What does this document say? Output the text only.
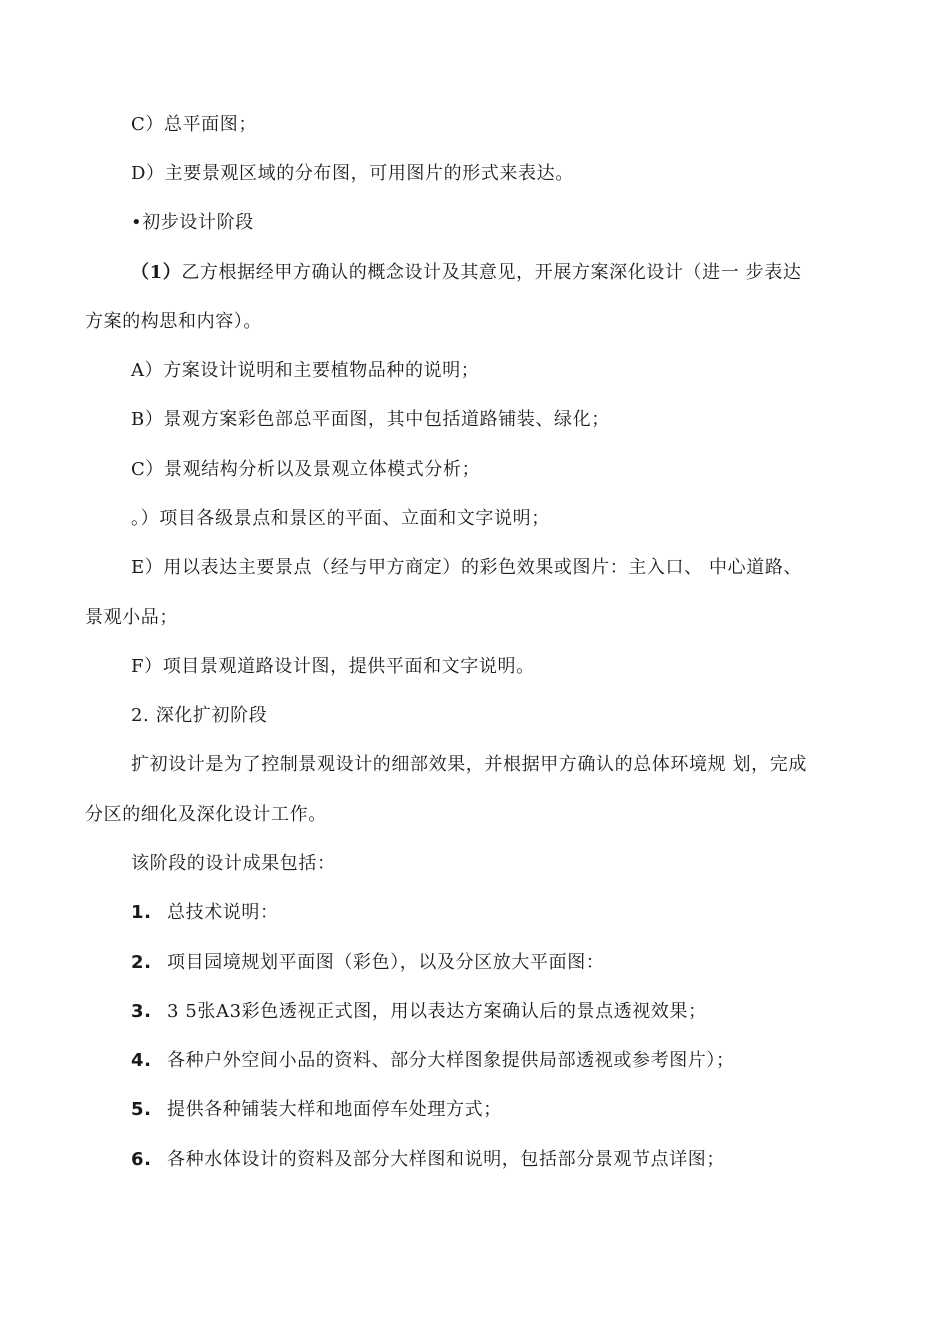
C）总平面图；
D）主要景观区域的分布图，可用图片的形式来表达。
•初步设计阶段
（1）乙方根据经甲方确认的概念设计及其意见，开展方案深化设计（进一 步表达
方案的构思和内容）。
A）方案设计说明和主要植物品种的说明；
B）景观方案彩色部总平面图，其中包括道路铺装、绿化；
C）景观结构分析以及景观立体模式分析；
。）项目各级景点和景区的平面、立面和文字说明；
E）用以表达主要景点（经与甲方商定）的彩色效果或图片：主入口、 中心道路、
景观小品；
F）项目景观道路设计图，提供平面和文字说明。
2. 深化扩初阶段
扩初设计是为了控制景观设计的细部效果，并根据甲方确认的总体环境规 划，完成
分区的细化及深化设计工作。
该阶段的设计成果包括：
1. 总技术说明：
2. 项目园境规划平面图（彩色），以及分区放大平面图：
3. 3 5张A3彩色透视正式图，用以表达方案确认后的景点透视效果；
4. 各种户外空间小品的资料、部分大样图象提供局部透视或参考图片）；
5. 提供各种铺装大样和地面停车处理方式；
6. 各种水体设计的资料及部分大样图和说明，包括部分景观节点详图；
